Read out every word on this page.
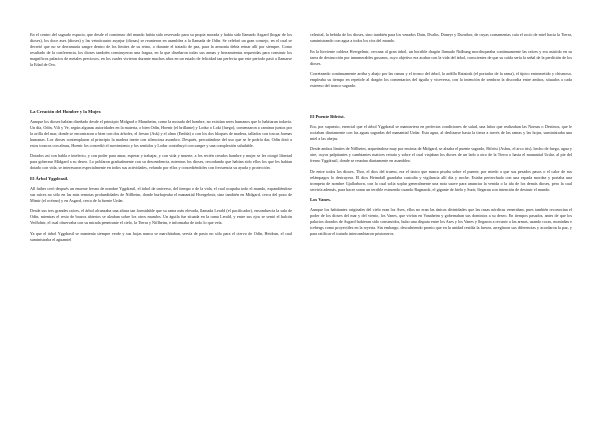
En el centro del sagrado espacio, que desde el comienzo del mundo había sido reservado para su propia morada y había sido llamado Asgard (hogar de los dioses), los doce ases (dioses) y las veinticuatro asynjur (diosas) se reunieron en asamblea a la llamada de Odín. Se celebró un gran consejo, en el cual se decretó que no se derramaría sangre dentro de los límites de su reino, o durante el tratado de paz, para la armonía debía reinar allí por siempre. Como resultado de la conferencia, los dioses también construyeron una fragua, en la que diseñaron todas sus armas y herramientas requeridas para construir los magníficos palacios de metales preciosos, en los cuales vivieron durante muchos años en un estado de felicidad tan perfecta que este período pasó a llamarse la Edad de Oro.

La Creación del Hombre y la Mujer.

Aunque los dioses habían diseñado desde el principio Midgard o Manaheim, como la morada del hombre, no existían seres humanos que lo habitaran todavía. Un día, Odín, Vili y Ve, según algunas autoridades en la materia, o bien Odín, Hoenir (el brillante) y Lodur o Loki (fuego), comenzaron a caminar juntos por la orilla del mar, donde se encontraron o bien con dos árboles, el fresno (Ask) y el olmo (Embla) o con los dos bloques de madera, tallados con toscas formas humanas. Los dioses contemplaron al principio la madera inerte con silenciosa asombro. Después, percatándose del uso que se le podría dar, Odín dotó a estos troncos con almas, Hoenir los concedió el movimiento y los sentidos y Lodur contribuyó con sangre y una complexión saludable.

Dotados así con habla e intelecto, y con poder para amar, esperar y trabajar, y con vida y muerte, a los recién creados hombre y mujer se les otorgó libertad para gobernar Midgard a su deseo. Lo poblaron gradualmente con su descendencia, mientras los dioses, recordando que habían sido ellos los que les habían dotado con vida, se interesaron especialmente en todos sus actividades, velando por ellos y concediéndoles con frecuencia su ayuda y protección.

El Árbol Yggdrasil.

All father creó después un enorme fresno de nombre Yggdrasil, el árbol de universo, del tiempo o de la vida, el cual ocupaba todo el mundo, expandiéndose sus raíces no sólo en las más remotas profundidades de Niflheim, donde burbujeaba el manantial Hvergelmir, sino también en Midgard, cerca del pozo de Mimir (el océano) y en Asgard, cerca de la fuente Urdar.

Desde sus tres grandes raíces, el árbol alcanzaba una altura tan formidable que su rama más elevada, llamada Lerald (el pacificador), ensombrecía la sala de Odín, mientras el resto de brazos abiertos se alzaban sobre los otros mundos. Un águila fue situada en la rama Lerald, y entre sus ojos se sentó el halcón Vedfolnir, el cual observaba con su mirada penetrante el cielo, la Tierra y Niflheim, e informaba de todo lo que veía.

Ya que el árbol Yggdrasil se mantenía siempre verde y sus hojas nunca se marchitaban, servía de pasto no sólo para el ciervo de Odín, Heidrun, el cual suministraba el aguamiel

celestial, la bebida de los dioses, sino también para los venados Dain, Dvalin, Duneyr y Durathor, de cuyas cornamentas caía el rocío de miel hacia la Tierra, suministrando con agua a todos los ríos del mundo.

En la hirviente caldera Hvergelmir, cercana al gran árbol, un horrible dragón llamado Nidhung mordisqueaba continuamente las raíces y era asistido en su tarea de destrucción por innumerables gusanos, cuyo objetivo era acabar con la vida del árbol, conscientes de que su caída sería la señal de la perdición de los dioses.

Correteando continuamente arriba y abajo por las ramas y el tronco del árbol, la ardilla Ratatosk (el portador de la rama), el típico entrometido y chismoso, empleaba su tiempo en repetirle al dragón los comentarios del águila y viceversa, con la intención de sembrar la discordia entre ambos, situados a cada extremo del tronco sagrado.

El Puente Bifröst.

Era, por supuesto, esencial que el árbol Yggdrasil se mantuviera en perfectas condiciones de salud, una labor que realizaban las Nornas o Destinos, que le rociaban diariamente con las aguas sagradas del manantial Urdar. Esta agua, al deslizarse hasta la tierra a través de las ramas y las hojas, suministraba una miel a las abejas.

Desde ambos límites de Niflheim, arqueándose muy por encima de Midgard, se alzaba el puente sagrado, Bifröst (Asbru, el arco iris), hecho de fuego, agua y aire, cuyos palpitantes y cambiantes matices retraía y sobre el cual viajaban los dioses de un lado a otro de la Tierra o hasta el manantial Urdar, al pie del fresno Yggdrasil, donde se reunían diariamente en asamblea.

De entre todos los dioses, Thor, el dios del trueno, era el único que nunca pisaba sobre el puente, por miedo a que sus pesados pasos o el calor de sus relámpagos lo destruyera. El dios Heimdall guardaba custodia y vigilancia allí día y noche. Estaba pertrechado con una espada mordaz y portaba una trompeta de nombre Gjallarhorn, con la cual solía soplar generalmente una nota suave para anunciar la venida o la ida de los demás dioses, pero la cual serviría además, para hacer sonar un terrible estruendo cuando Ragnarok, el gigante de hielo y Surtr, llegaran con intención de destruir el mundo.

Los Vanes.

Aunque los habitantes originales del cielo eran los Ases, ellos no eran las únicas divinidades que las razas nórdicas veneraban, pues también reconocían el poder de los dioses del mar y del viento, los Vanes, que vivían en Vanaheim y gobernaban sus dominios a su deseo. En tiempos pasados, antes de que los palacios dorados de Asgard hubieran sido construidos, hubo una disputa entre los Ases y los Vanes y llegaron a recurrir a las armas, usando rocas, montañas e icebergs como proyectiles en la reyerta. Sin embargo, descubriendo pronto que en la unidad residía la fuerza, arreglaron sus diferencias y acordaron la paz, y para ratificar el tratado intercambiaron prisioneros.
